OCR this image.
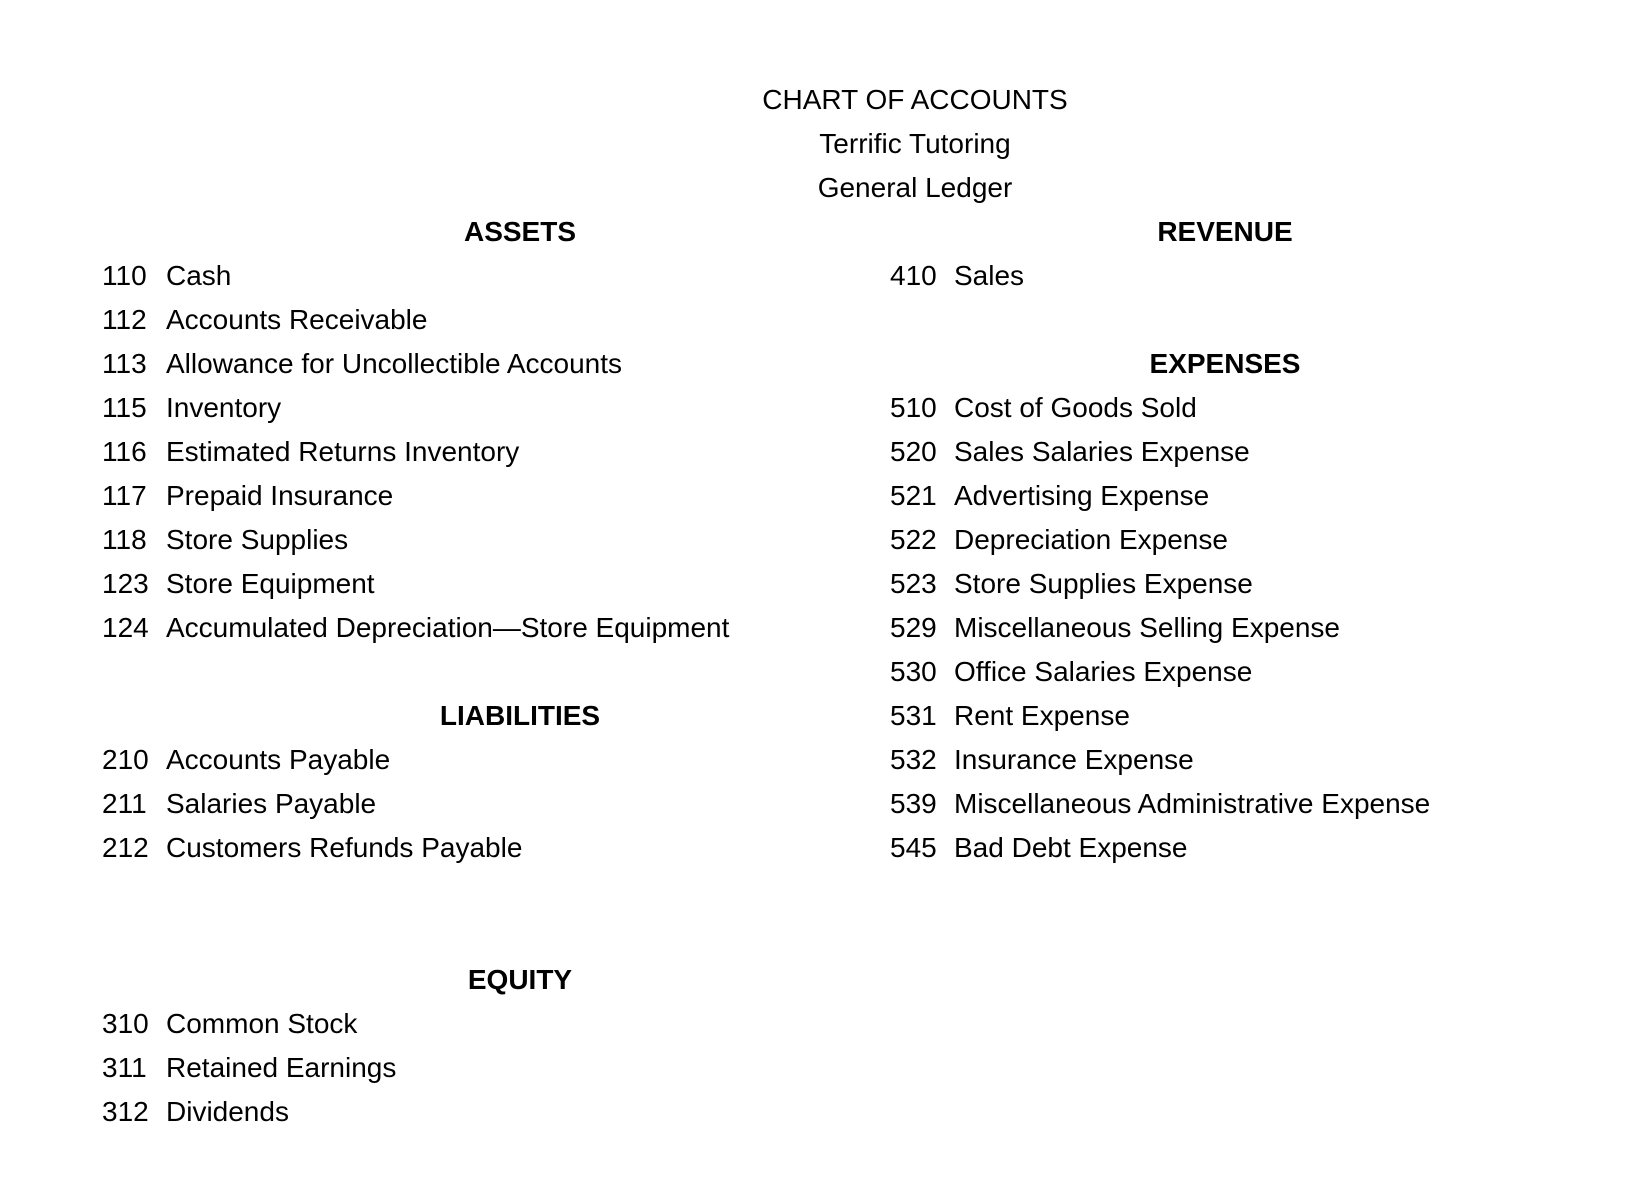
CHART OF ACCOUNTS
Terrific Tutoring
General Ledger
ASSETS
110 Cash
112 Accounts Receivable
113 Allowance for Uncollectible Accounts
115 Inventory
116 Estimated Returns Inventory
117 Prepaid Insurance
118 Store Supplies
123 Store Equipment
124 Accumulated Depreciation—Store Equipment
LIABILITIES
210 Accounts Payable
211 Salaries Payable
212 Customers Refunds Payable
EQUITY
310 Common Stock
311 Retained Earnings
312 Dividends
REVENUE
410 Sales
EXPENSES
510 Cost of Goods Sold
520 Sales Salaries Expense
521 Advertising Expense
522 Depreciation Expense
523 Store Supplies Expense
529 Miscellaneous Selling Expense
530 Office Salaries Expense
531 Rent Expense
532 Insurance Expense
539 Miscellaneous Administrative Expense
545 Bad Debt Expense
